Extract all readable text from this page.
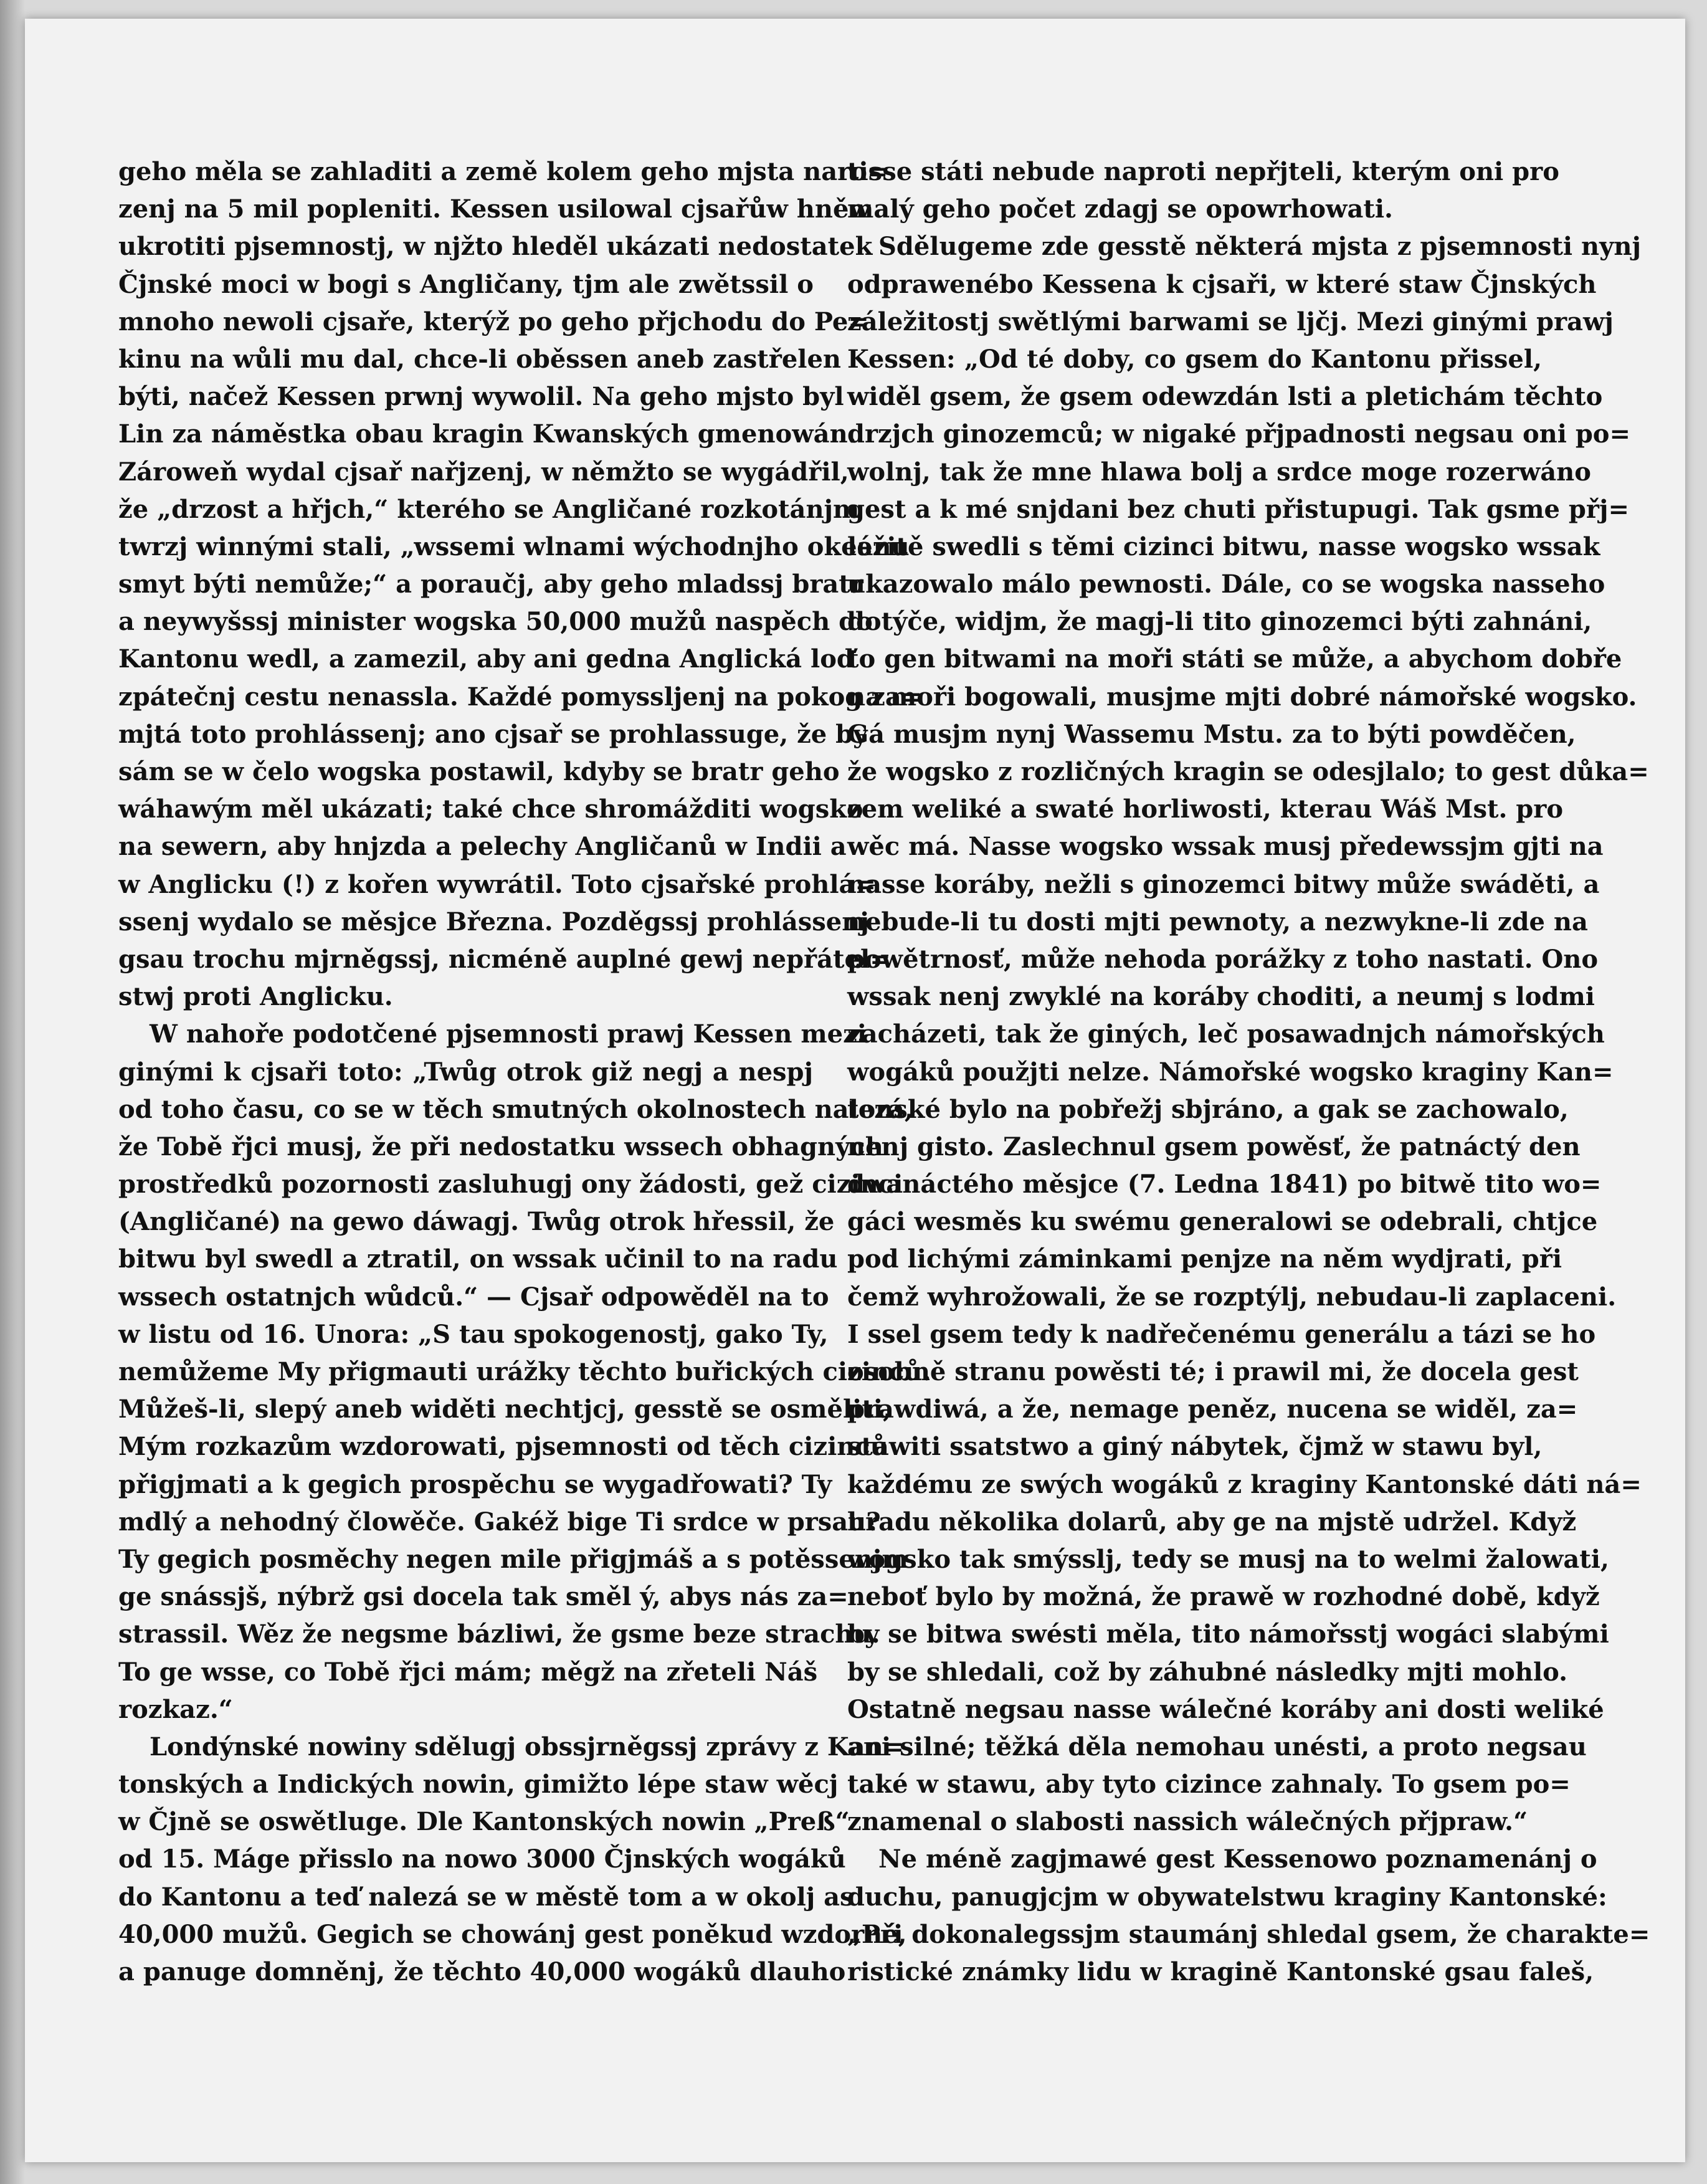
geho měla se zahladiti a země kolem geho mjsta naro=
zenj na 5 mil popleniti. Kessen usilowal cjsařůw hněw
ukrotiti pjsemnostj, w njžto hleděl ukázati nedostatek
Čjnské moci w bogi s Angličany, tjm ale zwětssil o
mnoho newoli cjsaře, kterýž po geho přjchodu do Pe=
kinu na wůli mu dal, chce-li oběssen aneb zastřelen
býti, načež Kessen prwnj wywolil. Na geho mjsto byl
Lin za náměstka obau kragin Kwanských gmenowán.
Zároweň wydal cjsař nařjzenj, w němžto se wygádřil,
že „drzost a hřjch,“ kterého se Angličané rozkotánjm
twrzj winnými stali, „wssemi wlnami wýchodnjho okeánu
smyt býti nemůže;“ a poraučj, aby geho mladssj bratr
a neywyšssj minister wogska 50,000 mužů naspěch do
Kantonu wedl, a zamezil, aby ani gedna Anglická loď
zpátečnj cestu nenassla. Každé pomyssljenj na pokog za=
mjtá toto prohlássenj; ano cjsař se prohlassuge, že by
sám se w čelo wogska postawil, kdyby se bratr geho
wáhawým měl ukázati; také chce shromážditi wogsko
na sewern, aby hnjzda a pelechy Angličanů w Indii a
w Anglicku (!) z kořen wywrátil. Toto cjsařské prohlá=
ssenj wydalo se měsjce Března. Pozděgssj prohlássenj
gsau trochu mjrněgssj, nicméně auplné gewj nepřátel=
stwj proti Anglicku.
W nahoře podotčené pjsemnosti prawj Kessen mezi
ginými k cjsaři toto: „Twůg otrok giž negj a nespj
od toho času, co se w těch smutných okolnostech nalezá,
že Tobě řjci musj, že při nedostatku wssech obhagných
prostředků pozornosti zasluhugj ony žádosti, gež cizinci
(Angličané) na gewo dáwagj. Twůg otrok hřessil, že
bitwu byl swedl a ztratil, on wssak učinil to na radu
wssech ostatnjch wůdců.“ — Cjsař odpowěděl na to
w listu od 16. Unora: „S tau spokogenostj, gako Ty,
nemůžeme My přigmauti urážky těchto buřických cizinců.
Můžeš-li, slepý aneb widěti nechtjcj, gesstě se osměliti,
Mým rozkazům wzdorowati, pjsemnosti od těch cizinců
přigjmati a k gegich prospěchu se wygadřowati? Ty
mdlý a nehodný člowěče. Gakéž bige Ti srdce w prsau?
Ty gegich posměchy negen mile přigjmáš a s potěssenjm
ge snássjš, nýbrž gsi docela tak směl ý, abys nás za=
strassil. Wěz že negsme bázliwi, že gsme beze strachu.
To ge wsse, co Tobě řjci mám; měgž na zřeteli Náš
rozkaz.“
Londýnské nowiny sdělugj obssjrněgssj zprávy z Kan=
tonských a Indických nowin, gimižto lépe staw wěcj
w Čjně se oswětluge. Dle Kantonských nowin „Preß“
od 15. Máge přisslo na nowo 3000 Čjnských wogáků
do Kantonu a teď nalezá se w městě tom a w okolj as
40,000 mužů. Gegich se chowánj gest poněkud wzdorné,
a panuge domněnj, že těchto 40,000 wogáků dlauho
tisse státi nebude naproti nepřjteli, kterým oni pro
malý geho počet zdagj se opowrhowati.
Sdělugeme zde gesstě některá mjsta z pjsemnosti nynj
odprawenébo Kessena k cjsaři, w které staw Čjnských
záležitostj swětlými barwami se ljčj. Mezi ginými prawj
Kessen: „Od té doby, co gsem do Kantonu přissel,
widěl gsem, že gsem odewzdán lsti a pletichám těchto
drzjch ginozemců; w nigaké přjpadnosti negsau oni po=
wolnj, tak že mne hlawa bolj a srdce moge rozerwáno
gest a k mé snjdani bez chuti přistupugi. Tak gsme přj=
ležitě swedli s těmi cizinci bitwu, nasse wogsko wssak
ukazowalo málo pewnosti. Dále, co se wogska nasseho
dotýče, widjm, že magj-li tito ginozemci býti zahnáni,
to gen bitwami na moři státi se může, a abychom dobře
na moři bogowali, musjme mjti dobré námořské wogsko.
Gá musjm nynj Wassemu Mstu. za to býti powděčen,
že wogsko z rozličných kragin se odesjlalo; to gest důka=
zem weliké a swaté horliwosti, kterau Wáš Mst. pro
wěc má. Nasse wogsko wssak musj předewssjm gjti na
nasse koráby, nežli s ginozemci bitwy může swáděti, a
nebude-li tu dosti mjti pewnoty, a nezwykne-li zde na
powětrnosť, může nehoda porážky z toho nastati. Ono
wssak nenj zwyklé na koráby choditi, a neumj s lodmi
zacházeti, tak že giných, leč posawadnjch námořských
wogáků použjti nelze. Námořské wogsko kraginy Kan=
tonské bylo na pobřežj sbjráno, a gak se zachowalo,
nenj gisto. Zaslechnul gsem powěsť, že patnáctý den
dwanáctého měsjce (7. Ledna 1841) po bitwě tito wo=
gáci wesměs ku swému generalowi se odebrali, chtjce
pod lichými záminkami penjze na něm wydjrati, při
čemž wyhrožowali, že se rozptýlj, nebudau-li zaplaceni.
I ssel gsem tedy k nadřečenému generálu a tázi se ho
osobně stranu powěsti té; i prawil mi, že docela gest
prawdiwá, a že, nemage peněz, nucena se widěl, za=
stawiti ssatstwo a giný nábytek, čjmž w stawu byl,
každému ze swých wogáků z kraginy Kantonské dáti ná=
hradu několika dolarů, aby ge na mjstě udržel. Když
wogsko tak smýsslj, tedy se musj na to welmi žalowati,
neboť bylo by možná, že prawě w rozhodné době, když
by se bitwa swésti měla, tito námořsstj wogáci slabými
by se shledali, což by záhubné následky mjti mohlo.
Ostatně negsau nasse wálečné koráby ani dosti weliké
ani silné; těžká děla nemohau unésti, a proto negsau
také w stawu, aby tyto cizince zahnaly. To gsem po=
znamenal o slabosti nassich wálečných přjpraw.“
Ne méně zagjmawé gest Kessenowo poznamenánj o
duchu, panugjcjm w obywatelstwu kraginy Kantonské:
„Při dokonalegssjm staumánj shledal gsem, že charakte=
ristické známky lidu w kragině Kantonské gsau faleš,
